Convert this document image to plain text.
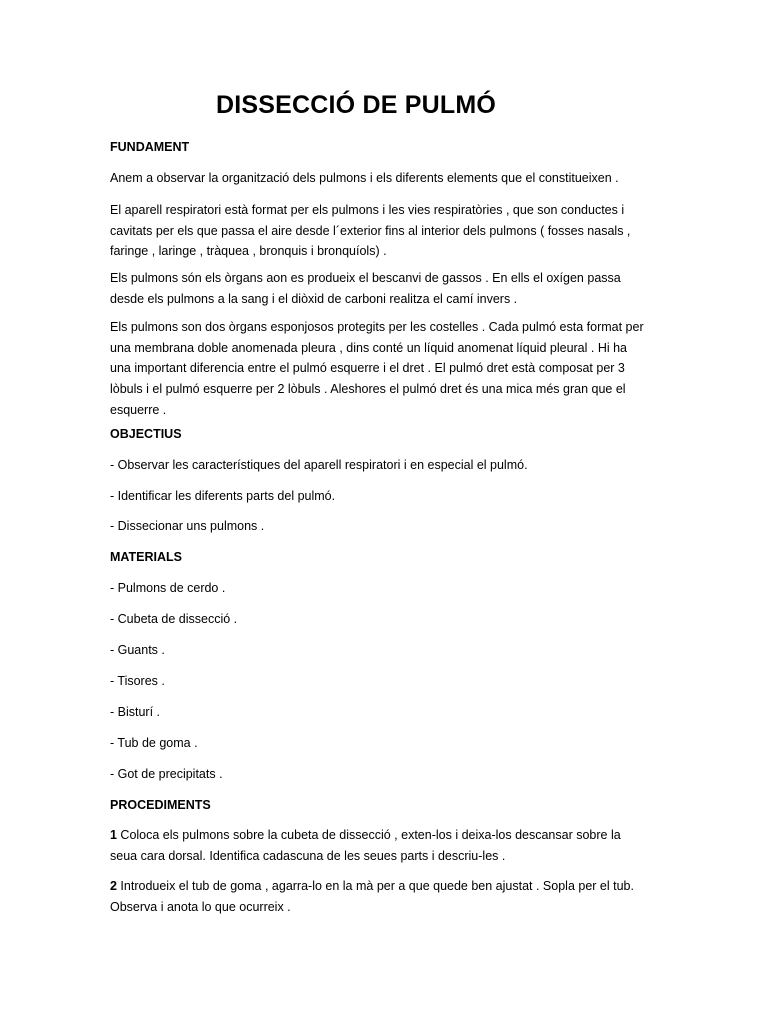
DISSECCIÓ DE PULMÓ
FUNDAMENT

Anem a observar la organització dels pulmons i els diferents elements que el constitueixen .

El aparell respiratori està format per els pulmons i les vies respiratòries , que son conductes i
cavitats per els que passa el aire desde l´exterior fins al interior dels pulmons ( fosses nasals ,
faringe , laringe , tràquea , bronquis i bronquíols) .

Els pulmons són els òrgans aon es produeix el bescanvi de gassos . En ells el oxígen passa
desde els pulmons a la sang i el diòxid de carboni realitza el camí invers .

Els pulmons son dos òrgans esponjosos protegits per les costelles . Cada pulmó esta format per
una membrana doble anomenada pleura , dins conté un líquid anomenat líquid pleural . Hi ha
una important diferencia entre el pulmó esquerre i el dret . El pulmó dret està composat per 3
lòbuls i el pulmó esquerre per 2 lòbuls . Aleshores el pulmó dret és una mica més gran que el
esquerre .

OBJECTIUS

- Observar les característiques del aparell respiratori i en especial el pulmó.

- Identificar les diferents parts del pulmó.

- Dissecionar uns pulmons .

MATERIALS

- Pulmons de cerdo .

- Cubeta de dissecció .

- Guants .

- Tisores .

- Bisturí .

- Tub de goma .

- Got de precipitats .

PROCEDIMENTS

1 Coloca els pulmons sobre la cubeta de dissecció , exten-los i deixa-los descansar sobre la
seua cara dorsal. Identifica cadascuna de les seues parts i descriu-les .

2 Introdueix el tub de goma , agarra-lo en la mà per a que quede ben ajustat . Sopla per el tub.
Observa i anota lo que ocurreix .
